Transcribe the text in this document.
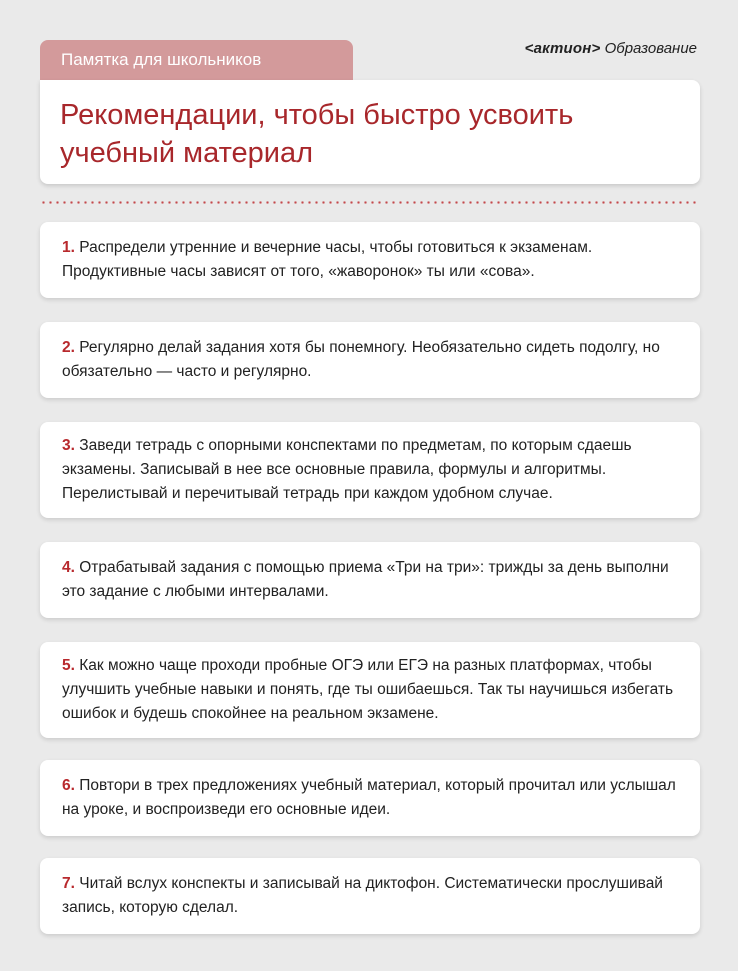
Памятка для школьников
<актион> Образование
Рекомендации, чтобы быстро усвоить учебный материал

1. Распредели утренние и вечерние часы, чтобы готовиться к экзаменам. Продуктивные часы зависят от того, «жаворонок» ты или «сова».

2. Регулярно делай задания хотя бы понемногу. Необязательно сидеть подолгу, но обязательно — часто и регулярно.

3. Заведи тетрадь с опорными конспектами по предметам, по которым сдаешь экзамены. Записывай в нее все основные правила, формулы и алгоритмы. Перелистывай и перечитывай тетрадь при каждом удобном случае.

4. Отрабатывай задания с помощью приема «Три на три»: трижды за день выполни это задание с любыми интервалами.

5. Как можно чаще проходи пробные ОГЭ или ЕГЭ на разных платформах, чтобы улучшить учебные навыки и понять, где ты ошибаешься. Так ты научишься избегать ошибок и будешь спокойнее на реальном экзамене.

6. Повтори в трех предложениях учебный материал, который прочитал или услышал на уроке, и воспроизведи его основные идеи.

7. Читай вслух конспекты и записывай на диктофон. Систематически прослушивай запись, которую сделал.
